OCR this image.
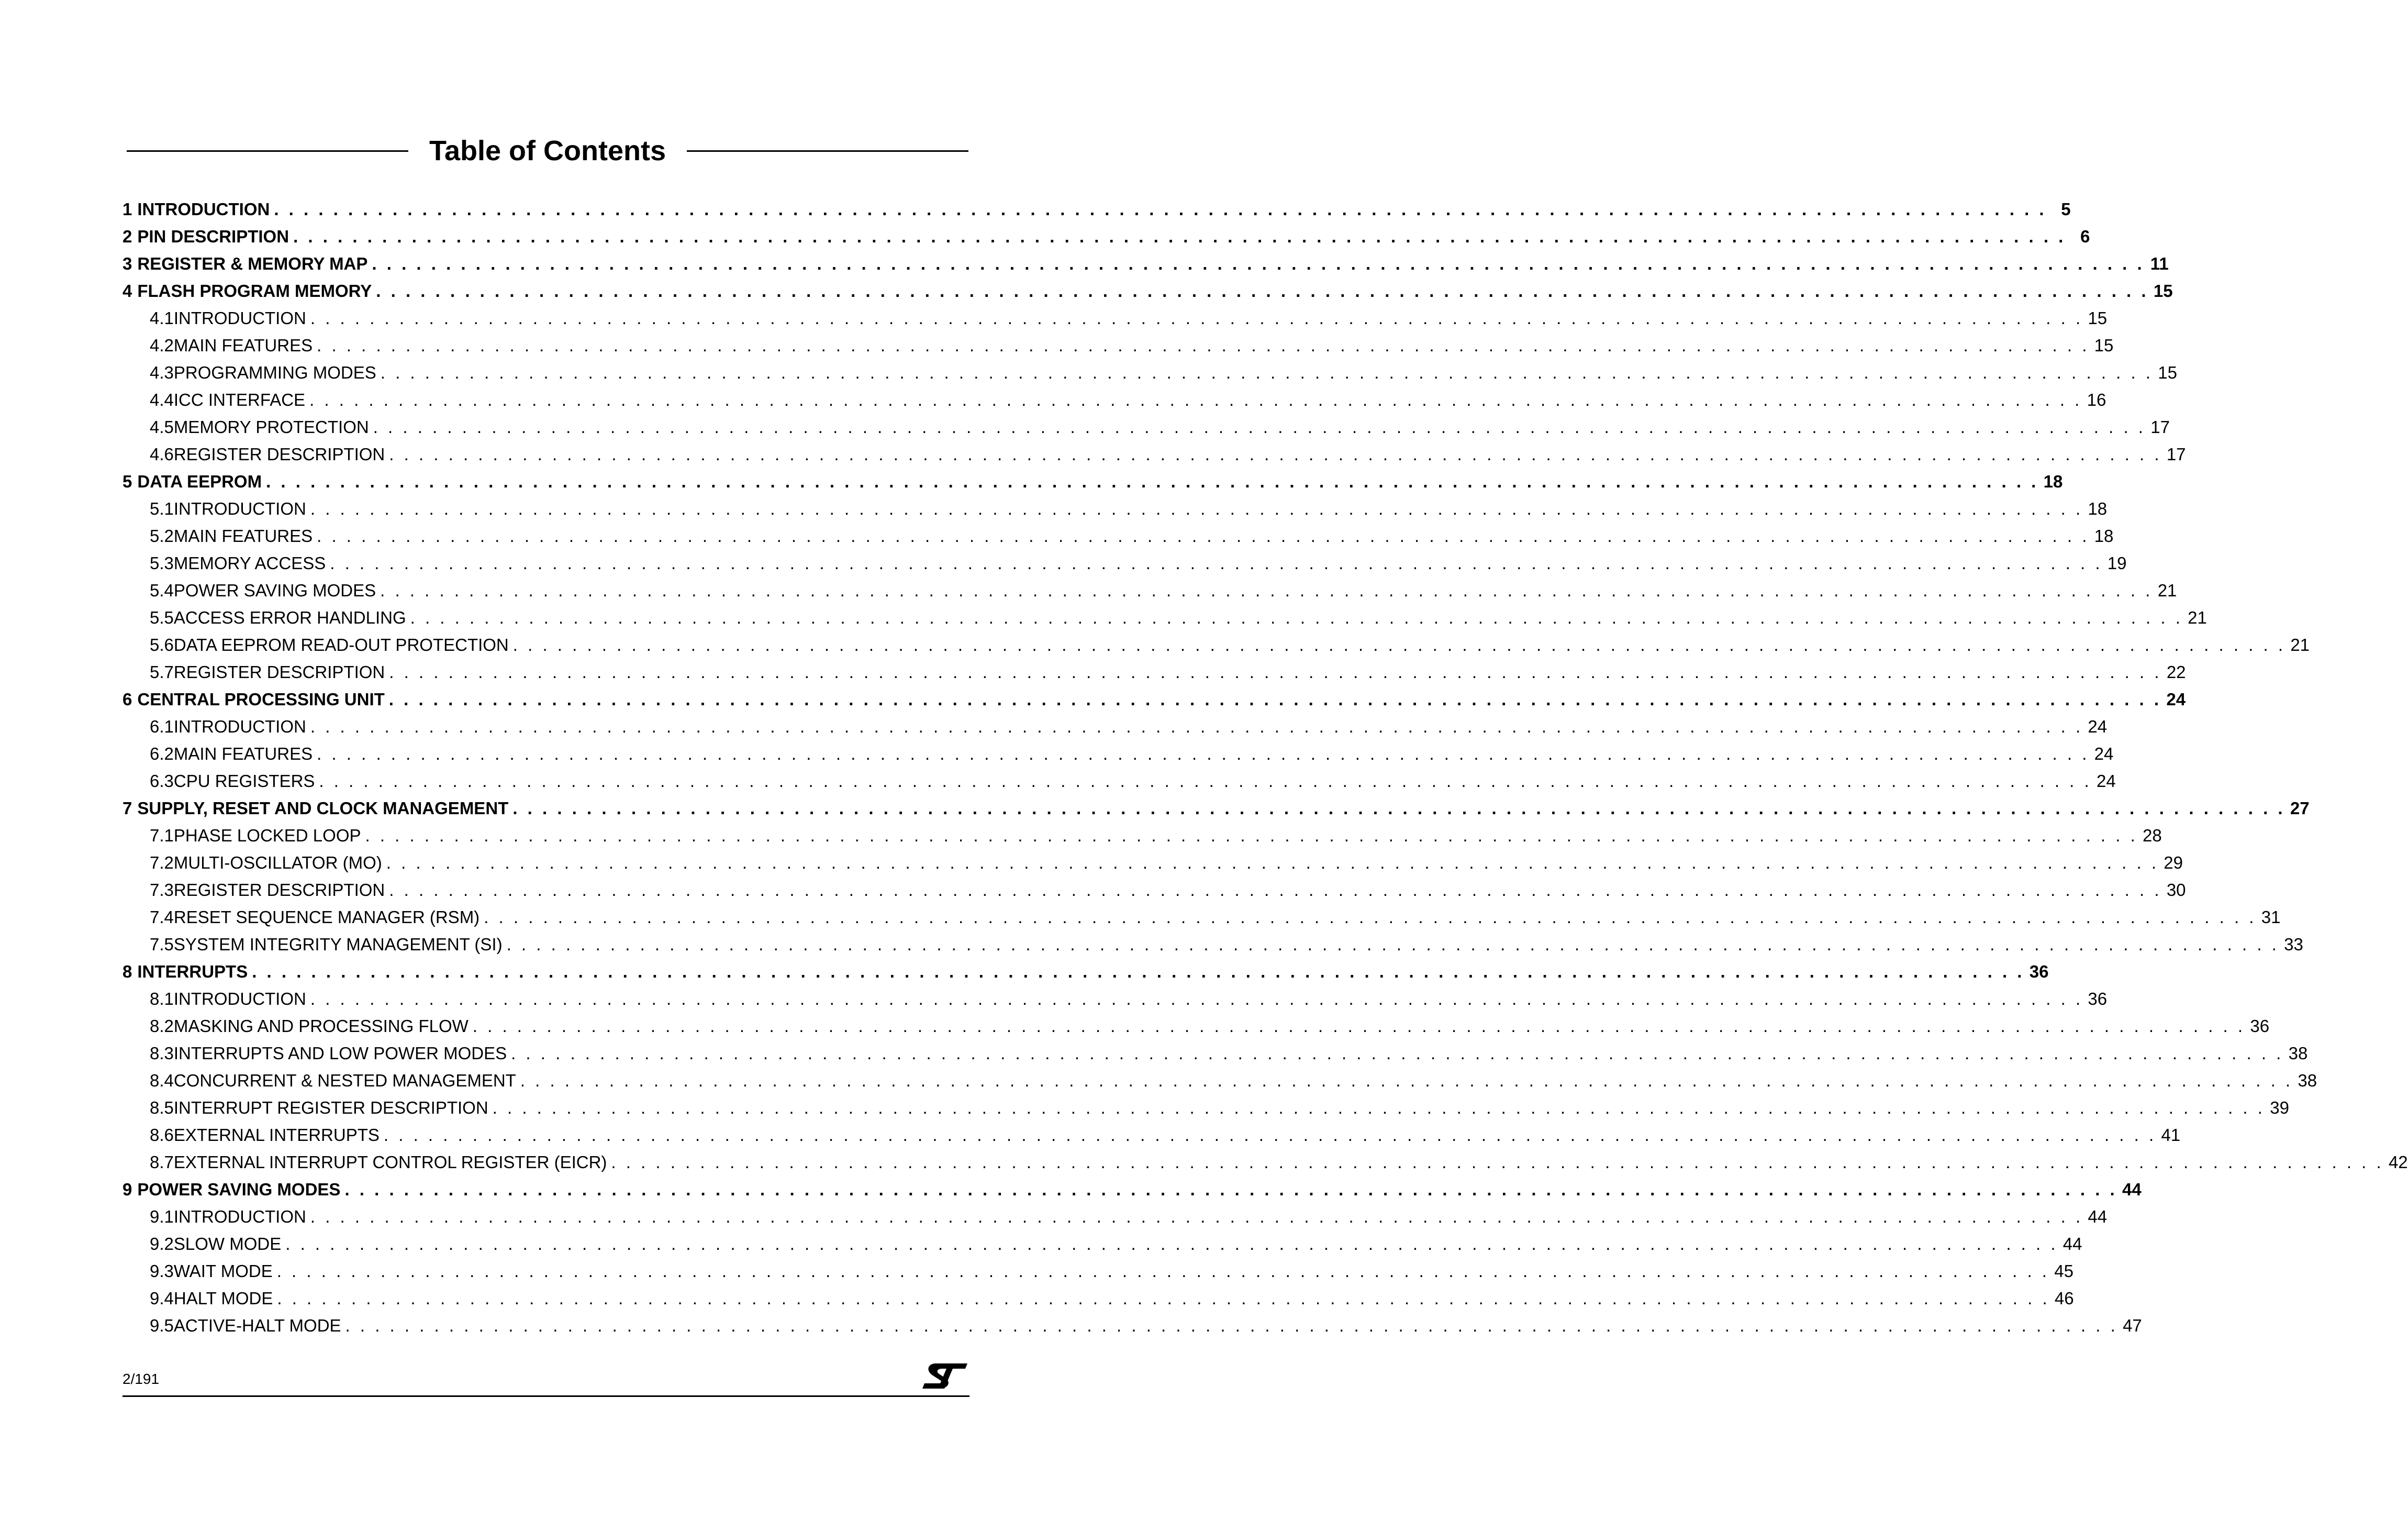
Table of Contents
1 INTRODUCTION . . . . . . . . . . . . . . . . . . . . . . . . . . . . . . . . . . . . . . . . . . . . . . . . . . . . . . . . . . . . . . . . . . . . . . . . . . . . . . . . . . . . . . . . . . . . . . . . . . . . . . . . . . . . . . . . . . . . . . . . 5
2 PIN DESCRIPTION . . . . . . . . . . . . . . . . . . . . . . . . . . . . . . . . . . . . . . . . . . . . . . . . . . . . . . . . . . . . . . . . . . . . . . . . . . . . . . . . . . . . . . . . . . . . . . . . . . . . . . . . . . . . . . . . . . . . . . . . 6
3 REGISTER & MEMORY MAP . . . . . . . . . . . . . . . . . . . . . . . . . . . . . . . . . . . . . . . . . . . . . . . . . . . . . . . . . . . . . . . . . . . . . . . . . . . . . . . . . . . . . . . . . . . . . . . . . . . . . . . . . . . . . . . . . . . . . . . . 11
4 FLASH PROGRAM MEMORY . . . . . . . . . . . . . . . . . . . . . . . . . . . . . . . . . . . . . . . . . . . . . . . . . . . . . . . . . . . . . . . . . . . . . . . . . . . . . . . . . . . . . . . . . . . . . . . . . . . . . . . . . . . . . . . . . . . . . . . . 15
4.1 INTRODUCTION . . . . . . . . . . . . . . . . . . . . . . . . . . . . . . . . . . . . . . . . . . . . . . . . . . . . . . . . . . . . . . . . . . . . . . . . . . . . . . . . . . . . . . . . . . . . . . . . . . . . . . . . . . . . . . . . . . . . . . . . 15
4.2 MAIN FEATURES . . . . . . . . . . . . . . . . . . . . . . . . . . . . . . . . . . . . . . . . . . . . . . . . . . . . . . . . . . . . . . . . . . . . . . . . . . . . . . . . . . . . . . . . . . . . . . . . . . . . . . . . . . . . . . . . . . . . . . . . 15
4.3 PROGRAMMING MODES . . . . . . . . . . . . . . . . . . . . . . . . . . . . . . . . . . . . . . . . . . . . . . . . . . . . . . . . . . . . . . . . . . . . . . . . . . . . . . . . . . . . . . . . . . . . . . . . . . . . . . . . . . . . . . . . . . . . . . . . 15
4.4 ICC INTERFACE . . . . . . . . . . . . . . . . . . . . . . . . . . . . . . . . . . . . . . . . . . . . . . . . . . . . . . . . . . . . . . . . . . . . . . . . . . . . . . . . . . . . . . . . . . . . . . . . . . . . . . . . . . . . . . . . . . . . . . . . 16
4.5 MEMORY PROTECTION . . . . . . . . . . . . . . . . . . . . . . . . . . . . . . . . . . . . . . . . . . . . . . . . . . . . . . . . . . . . . . . . . . . . . . . . . . . . . . . . . . . . . . . . . . . . . . . . . . . . . . . . . . . . . . . . . . . . . . . . 17
4.6 REGISTER DESCRIPTION . . . . . . . . . . . . . . . . . . . . . . . . . . . . . . . . . . . . . . . . . . . . . . . . . . . . . . . . . . . . . . . . . . . . . . . . . . . . . . . . . . . . . . . . . . . . . . . . . . . . . . . . . . . . . . . . . . . . . . . . 17
5 DATA EEPROM . . . . . . . . . . . . . . . . . . . . . . . . . . . . . . . . . . . . . . . . . . . . . . . . . . . . . . . . . . . . . . . . . . . . . . . . . . . . . . . . . . . . . . . . . . . . . . . . . . . . . . . . . . . . . . . . . . . . . . . . 18
5.1 INTRODUCTION . . . . . . . . . . . . . . . . . . . . . . . . . . . . . . . . . . . . . . . . . . . . . . . . . . . . . . . . . . . . . . . . . . . . . . . . . . . . . . . . . . . . . . . . . . . . . . . . . . . . . . . . . . . . . . . . . . . . . . . . 18
5.2 MAIN FEATURES . . . . . . . . . . . . . . . . . . . . . . . . . . . . . . . . . . . . . . . . . . . . . . . . . . . . . . . . . . . . . . . . . . . . . . . . . . . . . . . . . . . . . . . . . . . . . . . . . . . . . . . . . . . . . . . . . . . . . . . . 18
5.3 MEMORY ACCESS . . . . . . . . . . . . . . . . . . . . . . . . . . . . . . . . . . . . . . . . . . . . . . . . . . . . . . . . . . . . . . . . . . . . . . . . . . . . . . . . . . . . . . . . . . . . . . . . . . . . . . . . . . . . . . . . . . . . . . . . 19
5.4 POWER SAVING MODES . . . . . . . . . . . . . . . . . . . . . . . . . . . . . . . . . . . . . . . . . . . . . . . . . . . . . . . . . . . . . . . . . . . . . . . . . . . . . . . . . . . . . . . . . . . . . . . . . . . . . . . . . . . . . . . . . . . . . . . . 21
5.5 ACCESS ERROR HANDLING . . . . . . . . . . . . . . . . . . . . . . . . . . . . . . . . . . . . . . . . . . . . . . . . . . . . . . . . . . . . . . . . . . . . . . . . . . . . . . . . . . . . . . . . . . . . . . . . . . . . . . . . . . . . . . . . . . . . . . . . 21
5.6 DATA EEPROM READ-OUT PROTECTION . . . . . . . . . . . . . . . . . . . . . . . . . . . . . . . . . . . . . . . . . . . . . . . . . . . . . . . . . . . . . . . . . . . . . . . . . . . . . . . . . . . . . . . . . . . . . . . . . . . . . . . . . . . . . . . . . . . . . . . . 21
5.7 REGISTER DESCRIPTION . . . . . . . . . . . . . . . . . . . . . . . . . . . . . . . . . . . . . . . . . . . . . . . . . . . . . . . . . . . . . . . . . . . . . . . . . . . . . . . . . . . . . . . . . . . . . . . . . . . . . . . . . . . . . . . . . . . . . . . . 22
6 CENTRAL PROCESSING UNIT . . . . . . . . . . . . . . . . . . . . . . . . . . . . . . . . . . . . . . . . . . . . . . . . . . . . . . . . . . . . . . . . . . . . . . . . . . . . . . . . . . . . . . . . . . . . . . . . . . . . . . . . . . . . . . . . . . . . . . . . 24
6.1 INTRODUCTION . . . . . . . . . . . . . . . . . . . . . . . . . . . . . . . . . . . . . . . . . . . . . . . . . . . . . . . . . . . . . . . . . . . . . . . . . . . . . . . . . . . . . . . . . . . . . . . . . . . . . . . . . . . . . . . . . . . . . . . . 24
6.2 MAIN FEATURES . . . . . . . . . . . . . . . . . . . . . . . . . . . . . . . . . . . . . . . . . . . . . . . . . . . . . . . . . . . . . . . . . . . . . . . . . . . . . . . . . . . . . . . . . . . . . . . . . . . . . . . . . . . . . . . . . . . . . . . . 24
6.3 CPU REGISTERS . . . . . . . . . . . . . . . . . . . . . . . . . . . . . . . . . . . . . . . . . . . . . . . . . . . . . . . . . . . . . . . . . . . . . . . . . . . . . . . . . . . . . . . . . . . . . . . . . . . . . . . . . . . . . . . . . . . . . . . . 24
7 SUPPLY, RESET AND CLOCK MANAGEMENT . . . . . . . . . . . . . . . . . . . . . . . . . . . . . . . . . . . . . . . . . . . . . . . . . . . . . . . . . . . . . . . . . . . . . . . . . . . . . . . . . . . . . . . . . . . . . . . . . . . . . . . . . . . . . . . . . . . . . . . . 27
7.1 PHASE LOCKED LOOP . . . . . . . . . . . . . . . . . . . . . . . . . . . . . . . . . . . . . . . . . . . . . . . . . . . . . . . . . . . . . . . . . . . . . . . . . . . . . . . . . . . . . . . . . . . . . . . . . . . . . . . . . . . . . . . . . . . . . . . . 28
7.2 MULTI-OSCILLATOR (MO) . . . . . . . . . . . . . . . . . . . . . . . . . . . . . . . . . . . . . . . . . . . . . . . . . . . . . . . . . . . . . . . . . . . . . . . . . . . . . . . . . . . . . . . . . . . . . . . . . . . . . . . . . . . . . . . . . . . . . . . . 29
7.3 REGISTER DESCRIPTION . . . . . . . . . . . . . . . . . . . . . . . . . . . . . . . . . . . . . . . . . . . . . . . . . . . . . . . . . . . . . . . . . . . . . . . . . . . . . . . . . . . . . . . . . . . . . . . . . . . . . . . . . . . . . . . . . . . . . . . . 30
7.4 RESET SEQUENCE MANAGER (RSM) . . . . . . . . . . . . . . . . . . . . . . . . . . . . . . . . . . . . . . . . . . . . . . . . . . . . . . . . . . . . . . . . . . . . . . . . . . . . . . . . . . . . . . . . . . . . . . . . . . . . . . . . . . . . . . . . . . . . . . . . 31
7.5 SYSTEM INTEGRITY MANAGEMENT (SI) . . . . . . . . . . . . . . . . . . . . . . . . . . . . . . . . . . . . . . . . . . . . . . . . . . . . . . . . . . . . . . . . . . . . . . . . . . . . . . . . . . . . . . . . . . . . . . . . . . . . . . . . . . . . . . . . . . . . . . . . 33
8 INTERRUPTS . . . . . . . . . . . . . . . . . . . . . . . . . . . . . . . . . . . . . . . . . . . . . . . . . . . . . . . . . . . . . . . . . . . . . . . . . . . . . . . . . . . . . . . . . . . . . . . . . . . . . . . . . . . . . . . . . . . . . . . . 36
8.1 INTRODUCTION . . . . . . . . . . . . . . . . . . . . . . . . . . . . . . . . . . . . . . . . . . . . . . . . . . . . . . . . . . . . . . . . . . . . . . . . . . . . . . . . . . . . . . . . . . . . . . . . . . . . . . . . . . . . . . . . . . . . . . . . 36
8.2 MASKING AND PROCESSING FLOW . . . . . . . . . . . . . . . . . . . . . . . . . . . . . . . . . . . . . . . . . . . . . . . . . . . . . . . . . . . . . . . . . . . . . . . . . . . . . . . . . . . . . . . . . . . . . . . . . . . . . . . . . . . . . . . . . . . . . . . . 36
8.3 INTERRUPTS AND LOW POWER MODES . . . . . . . . . . . . . . . . . . . . . . . . . . . . . . . . . . . . . . . . . . . . . . . . . . . . . . . . . . . . . . . . . . . . . . . . . . . . . . . . . . . . . . . . . . . . . . . . . . . . . . . . . . . . . . . . . . . . . . . . 38
8.4 CONCURRENT & NESTED MANAGEMENT . . . . . . . . . . . . . . . . . . . . . . . . . . . . . . . . . . . . . . . . . . . . . . . . . . . . . . . . . . . . . . . . . . . . . . . . . . . . . . . . . . . . . . . . . . . . . . . . . . . . . . . . . . . . . . . . . . . . . . . . 38
8.5 INTERRUPT REGISTER DESCRIPTION . . . . . . . . . . . . . . . . . . . . . . . . . . . . . . . . . . . . . . . . . . . . . . . . . . . . . . . . . . . . . . . . . . . . . . . . . . . . . . . . . . . . . . . . . . . . . . . . . . . . . . . . . . . . . . . . . . . . . . . . 39
8.6 EXTERNAL INTERRUPTS . . . . . . . . . . . . . . . . . . . . . . . . . . . . . . . . . . . . . . . . . . . . . . . . . . . . . . . . . . . . . . . . . . . . . . . . . . . . . . . . . . . . . . . . . . . . . . . . . . . . . . . . . . . . . . . . . . . . . . . . 41
8.7 EXTERNAL INTERRUPT CONTROL REGISTER (EICR) . . . . . . . . . . . . . . . . . . . . . . . . . . . . . . . . . . . . . . . . . . . . . . . . . . . . . . . . . . . . . . . . . . . . . . . . . . . . . . . . . . . . . . . . . . . . . . . . . . . . . . . . . . . . . . . . . . . . . . . . 42
9 POWER SAVING MODES . . . . . . . . . . . . . . . . . . . . . . . . . . . . . . . . . . . . . . . . . . . . . . . . . . . . . . . . . . . . . . . . . . . . . . . . . . . . . . . . . . . . . . . . . . . . . . . . . . . . . . . . . . . . . . . . . . . . . . . . 44
9.1 INTRODUCTION . . . . . . . . . . . . . . . . . . . . . . . . . . . . . . . . . . . . . . . . . . . . . . . . . . . . . . . . . . . . . . . . . . . . . . . . . . . . . . . . . . . . . . . . . . . . . . . . . . . . . . . . . . . . . . . . . . . . . . . . 44
9.2 SLOW MODE . . . . . . . . . . . . . . . . . . . . . . . . . . . . . . . . . . . . . . . . . . . . . . . . . . . . . . . . . . . . . . . . . . . . . . . . . . . . . . . . . . . . . . . . . . . . . . . . . . . . . . . . . . . . . . . . . . . . . . . . 44
9.3 WAIT MODE . . . . . . . . . . . . . . . . . . . . . . . . . . . . . . . . . . . . . . . . . . . . . . . . . . . . . . . . . . . . . . . . . . . . . . . . . . . . . . . . . . . . . . . . . . . . . . . . . . . . . . . . . . . . . . . . . . . . . . . . 45
9.4 HALT MODE . . . . . . . . . . . . . . . . . . . . . . . . . . . . . . . . . . . . . . . . . . . . . . . . . . . . . . . . . . . . . . . . . . . . . . . . . . . . . . . . . . . . . . . . . . . . . . . . . . . . . . . . . . . . . . . . . . . . . . . . 46
9.5 ACTIVE-HALT MODE . . . . . . . . . . . . . . . . . . . . . . . . . . . . . . . . . . . . . . . . . . . . . . . . . . . . . . . . . . . . . . . . . . . . . . . . . . . . . . . . . . . . . . . . . . . . . . . . . . . . . . . . . . . . . . . . . . . . . . . . 47
2/191
